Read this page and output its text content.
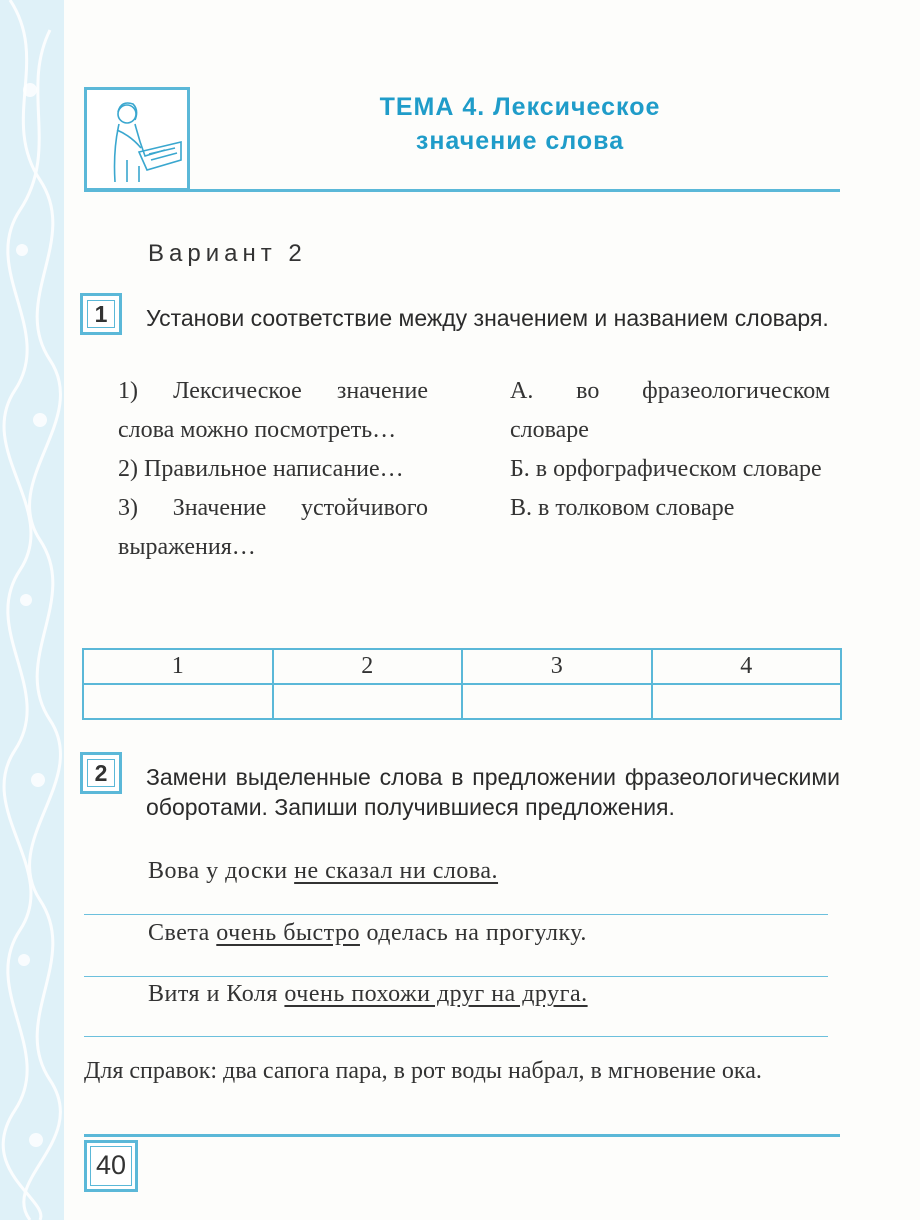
ТЕМА 4. Лексическое
значение слова
Вариант 2
1	Установи соответствие между значением и названием словаря.
1) Лексическое значение слова можно посмотреть…
2) Правильное написание…
3) Значение устойчивого выражения…
А. во фразеологическом словаре
Б. в орфографическом словаре
В. в толковом словаре
1	2	3	4

2	Замени выделенные слова в предложении фразеологическими оборотами. Запиши получившиеся предложения.
Вова у доски не сказал ни слова.
Света очень быстро оделась на прогулку.
Витя и Коля очень похожи друг на друга.
Для справок: два сапога пара, в рот воды набрал, в мгновение ока.
40
